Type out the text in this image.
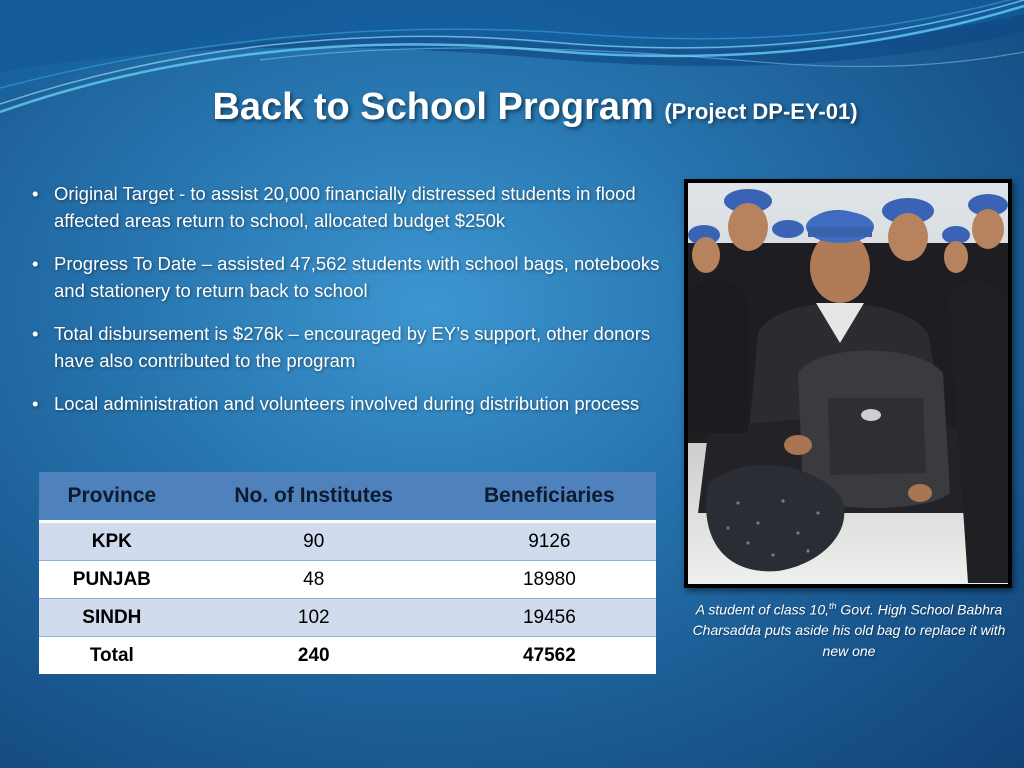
Back to School Program (Project DP-EY-01)
• Original Target - to assist 20,000 financially distressed students in flood affected areas return to school, allocated budget $250k
• Progress To Date – assisted 47,562 students with school bags, notebooks and stationery to return back to school
• Total disbursement is $276k – encouraged by EY’s support, other donors have also contributed to the program
• Local administration and volunteers involved during distribution process
Province	No. of Institutes	Beneficiaries
KPK	90	9126
PUNJAB	48	18980
SINDH	102	19456
Total	240	47562

A student of class 10,$^{th}$ Govt. High School Babhra Charsadda puts aside his old bag to replace it with new one
